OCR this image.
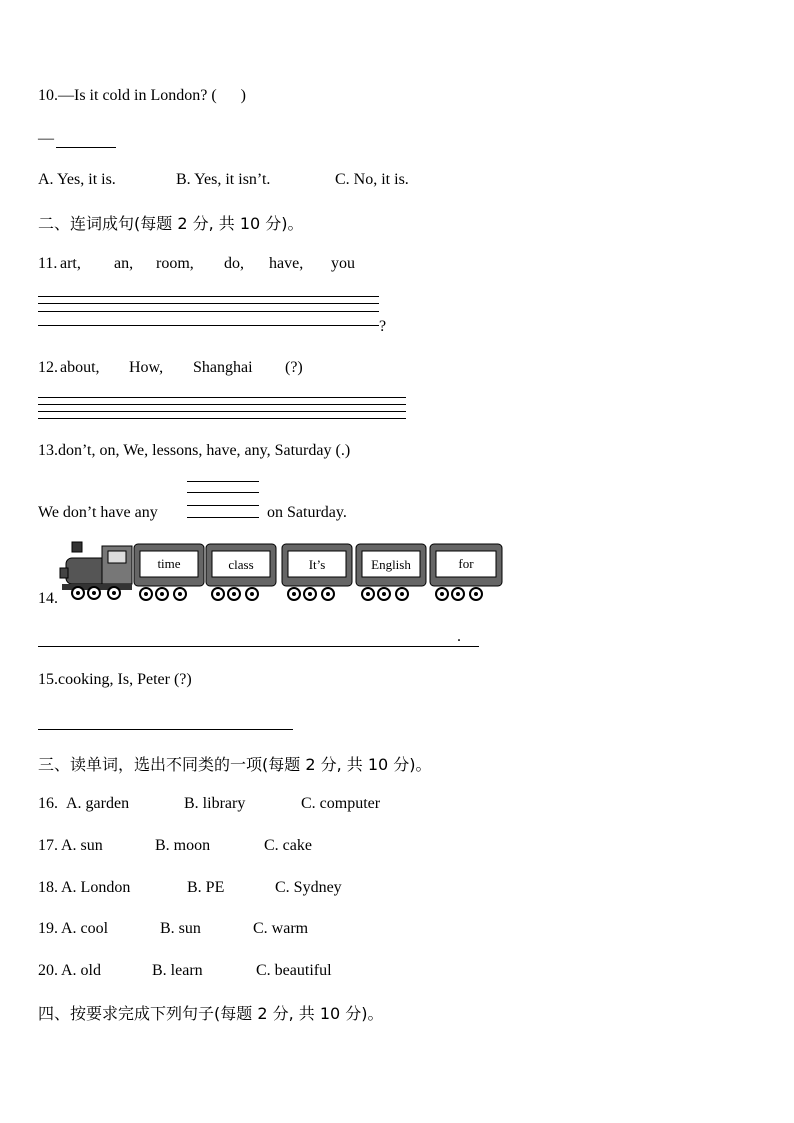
10.—Is it cold in London? (      )
—
A. Yes, it is.	B. Yes, it isn’t.	C. No, it is.
二、连词成句(每题 2 分, 共 10 分)。
11. art, an, room, do, have, you
?
12. about, How, Shanghai (?)
13.don’t, on, We, lessons, have, any, Saturday (.)
We don’t have any	on Saturday.
14.
time	class	It’s	English	for
.
15.cooking, Is, Peter (?)
三、读单词，选出不同类的一项(每题 2 分, 共 10 分)。
16. A. garden	B. library	C. computer
17. A. sun	B. moon	C. cake
18. A. London	B. PE	C. Sydney
19. A. cool	B. sun	C. warm
20. A. old	B. learn	C. beautiful
四、按要求完成下列句子(每题 2 分, 共 10 分)。
